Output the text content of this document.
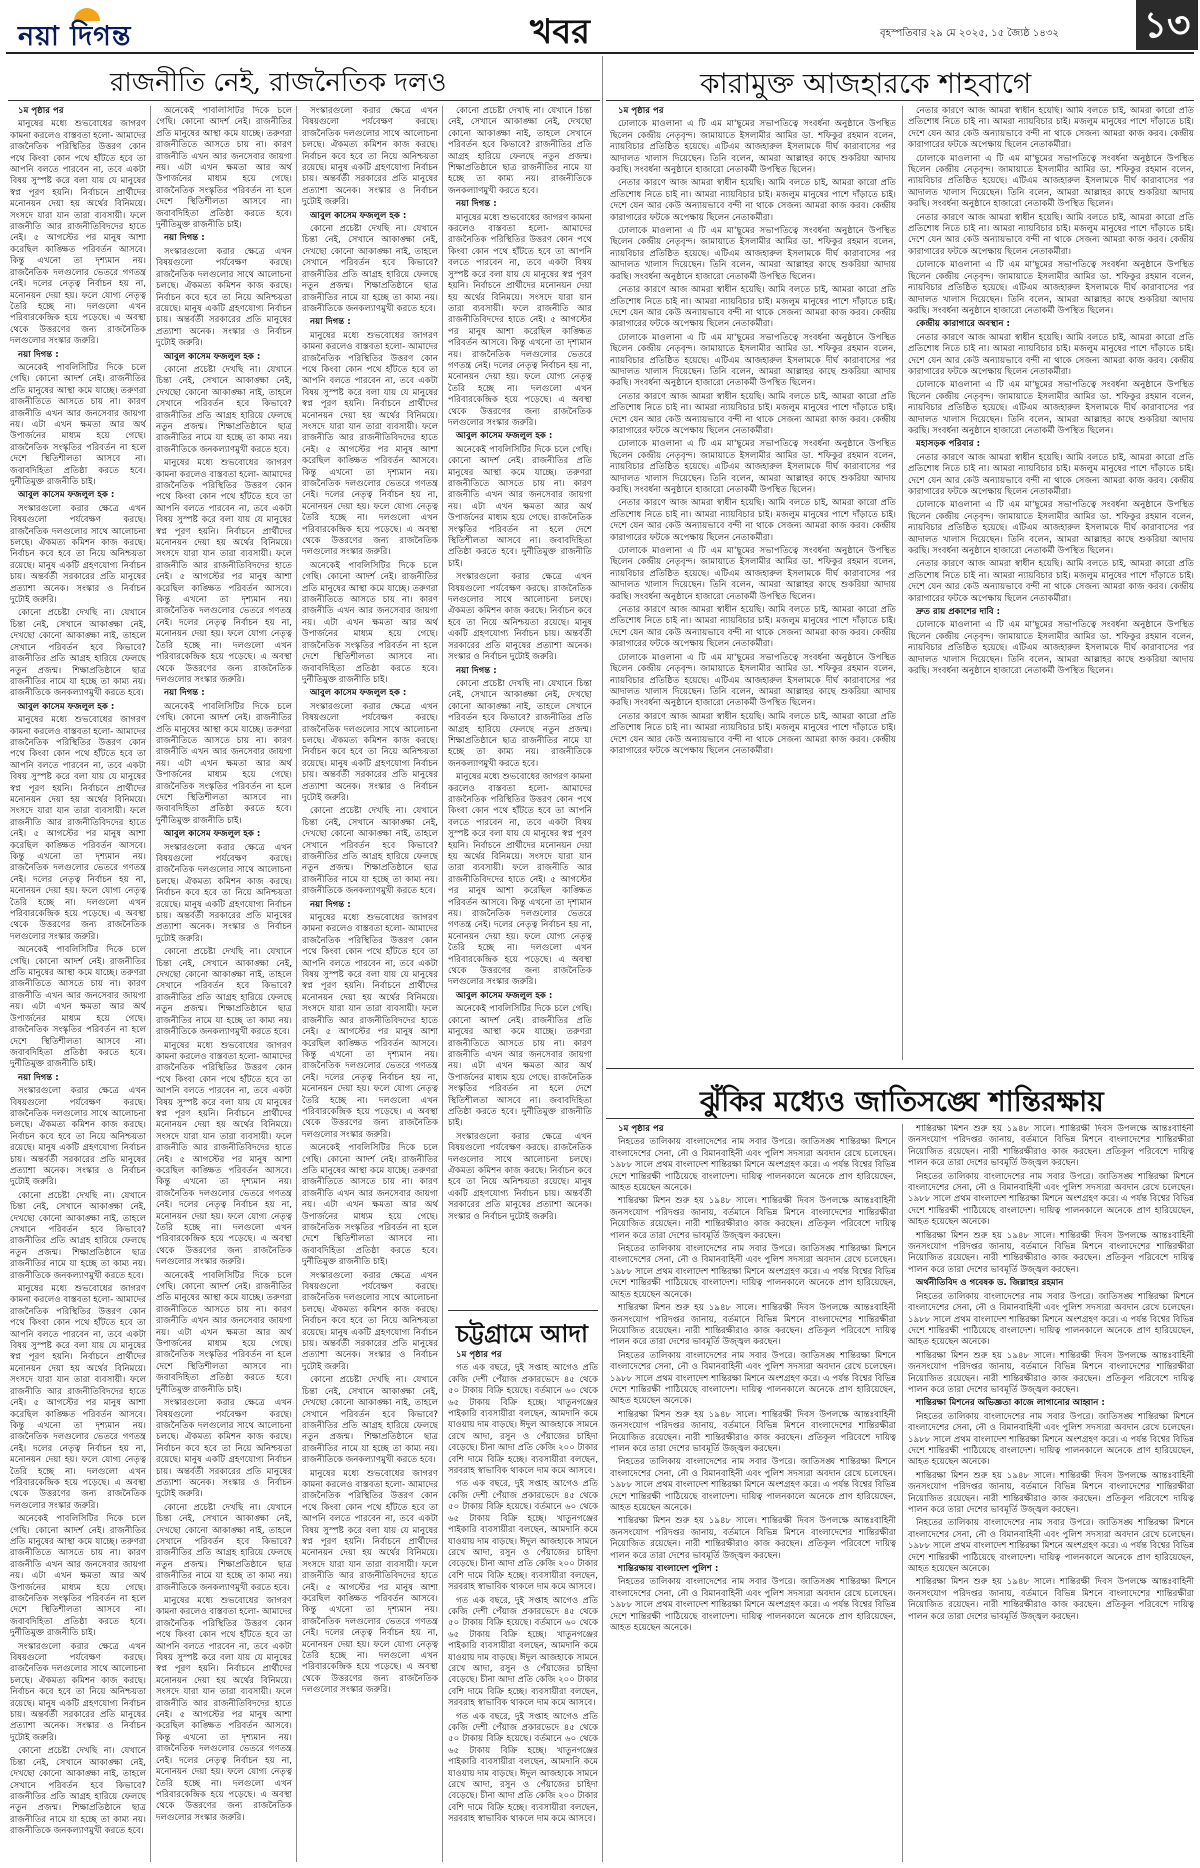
নয়া দিগন্ত	খবর	বৃহস্পতিবার ২৯ মে ২০২৫, ১৫ জ্যৈষ্ঠ ১৪৩২ ১৩
রাজনীতি নেই, রাজনৈতিক দলও

১ম পৃষ্ঠার পর

মানুষের মধ্যে শুভবোধের জাগরণ কামনা করলেও বাস্তবতা হলো- আমাদের রাজনৈতিক পরিস্থিতির উত্তরণ কোন পথে কিংবা কোন পথে হাঁটতে হবে তা আপনি বলতে পারবেন না, তবে একটা বিষয় সুস্পষ্ট করে বলা যায় যে মানুষের স্বপ্ন পূরণ হয়নি। নির্বাচনে প্রার্থীদের মনোনয়ন দেয়া হয় অর্থের বিনিময়ে। সংসদে যারা যান তারা ব্যবসায়ী। ফলে রাজনীতি আর রাজনীতিবিদদের হাতে নেই। ৫ আগস্টের পর মানুষ আশা করেছিল কাঙ্ক্ষিত পরিবর্তন আসবে। কিন্তু এখনো তা দৃশ্যমান নয়। রাজনৈতিক দলগুলোর ভেতরে গণতন্ত্র নেই। দলের নেতৃত্ব নির্বাচন হয় না, মনোনয়ন দেয়া হয়। ফলে যোগ্য নেতৃত্ব তৈরি হচ্ছে না। দলগুলো এখন পরিবারকেন্দ্রিক হয়ে পড়েছে। এ অবস্থা থেকে উত্তরণের জন্য রাজনৈতিক দলগুলোর সংস্কার জরুরি।

নয়া দিগন্ত :

অনেকেই পাবলিসিটির দিকে চলে গেছি। কোনো আদর্শ নেই। রাজনীতির প্রতি মানুষের আস্থা কমে যাচ্ছে। তরুণরা রাজনীতিতে আসতে চায় না। কারণ রাজনীতি এখন আর জনসেবার জায়গা নয়। এটা এখন ক্ষমতা আর অর্থ উপার্জনের মাধ্যম হয়ে গেছে। রাজনৈতিক সংস্কৃতির পরিবর্তন না হলে দেশে স্থিতিশীলতা আসবে না। জবাবদিহিতা প্রতিষ্ঠা করতে হবে। দুর্নীতিমুক্ত রাজনীতি চাই।

আবুল কাসেম ফজলুল হক :

সংস্কারগুলো করার ক্ষেত্রে এখন বিষয়গুলো পর্যবেক্ষণ করছে। রাজনৈতিক দলগুলোর সাথে আলোচনা চলছে। ঐকমত্য কমিশন কাজ করছে। নির্বাচন কবে হবে তা নিয়ে অনিশ্চয়তা রয়েছে। মানুষ একটি গ্রহণযোগ্য নির্বাচন চায়। অন্তর্বর্তী সরকারের প্রতি মানুষের প্রত্যাশা অনেক। সংস্কার ও নির্বাচন দুটোই জরুরি।

কোনো প্রচেষ্টা দেখছি না। যেখানে চিন্তা নেই, সেখানে আকাঙ্ক্ষা নেই, দেখছো কোনো আকাঙ্ক্ষা নাই, তাহলে সেখানে পরিবর্তন হবে কিভাবে? রাজনীতির প্রতি আগ্রহ হারিয়ে ফেলছে নতুন প্রজন্ম। শিক্ষাপ্রতিষ্ঠানে ছাত্র রাজনীতির নামে যা হচ্ছে তা কাম্য নয়। রাজনীতিকে জনকল্যাণমুখী করতে হবে।

আবুল কাসেম ফজলুল হক :

মানুষের মধ্যে শুভবোধের জাগরণ কামনা করলেও বাস্তবতা হলো- আমাদের রাজনৈতিক পরিস্থিতির উত্তরণ কোন পথে কিংবা কোন পথে হাঁটতে হবে তা আপনি বলতে পারবেন না, তবে একটা বিষয় সুস্পষ্ট করে বলা যায় যে মানুষের স্বপ্ন পূরণ হয়নি। নির্বাচনে প্রার্থীদের মনোনয়ন দেয়া হয় অর্থের বিনিময়ে। সংসদে যারা যান তারা ব্যবসায়ী। ফলে রাজনীতি আর রাজনীতিবিদদের হাতে নেই। ৫ আগস্টের পর মানুষ আশা করেছিল কাঙ্ক্ষিত পরিবর্তন আসবে। কিন্তু এখনো তা দৃশ্যমান নয়। রাজনৈতিক দলগুলোর ভেতরে গণতন্ত্র নেই। দলের নেতৃত্ব নির্বাচন হয় না, মনোনয়ন দেয়া হয়। ফলে যোগ্য নেতৃত্ব তৈরি হচ্ছে না। দলগুলো এখন পরিবারকেন্দ্রিক হয়ে পড়েছে। এ অবস্থা থেকে উত্তরণের জন্য রাজনৈতিক দলগুলোর সংস্কার জরুরি।

অনেকেই পাবলিসিটির দিকে চলে গেছি। কোনো আদর্শ নেই। রাজনীতির প্রতি মানুষের আস্থা কমে যাচ্ছে। তরুণরা রাজনীতিতে আসতে চায় না। কারণ রাজনীতি এখন আর জনসেবার জায়গা নয়। এটা এখন ক্ষমতা আর অর্থ উপার্জনের মাধ্যম হয়ে গেছে। রাজনৈতিক সংস্কৃতির পরিবর্তন না হলে দেশে স্থিতিশীলতা আসবে না। জবাবদিহিতা প্রতিষ্ঠা করতে হবে। দুর্নীতিমুক্ত রাজনীতি চাই।

নয়া দিগন্ত :

সংস্কারগুলো করার ক্ষেত্রে এখন বিষয়গুলো পর্যবেক্ষণ করছে। রাজনৈতিক দলগুলোর সাথে আলোচনা চলছে। ঐকমত্য কমিশন কাজ করছে। নির্বাচন কবে হবে তা নিয়ে অনিশ্চয়তা রয়েছে। মানুষ একটি গ্রহণযোগ্য নির্বাচন চায়। অন্তর্বর্তী সরকারের প্রতি মানুষের প্রত্যাশা অনেক। সংস্কার ও নির্বাচন দুটোই জরুরি।

কোনো প্রচেষ্টা দেখছি না। যেখানে চিন্তা নেই, সেখানে আকাঙ্ক্ষা নেই, দেখছো কোনো আকাঙ্ক্ষা নাই, তাহলে সেখানে পরিবর্তন হবে কিভাবে? রাজনীতির প্রতি আগ্রহ হারিয়ে ফেলছে নতুন প্রজন্ম। শিক্ষাপ্রতিষ্ঠানে ছাত্র রাজনীতির নামে যা হচ্ছে তা কাম্য নয়। রাজনীতিকে জনকল্যাণমুখী করতে হবে।

মানুষের মধ্যে শুভবোধের জাগরণ কামনা করলেও বাস্তবতা হলো- আমাদের রাজনৈতিক পরিস্থিতির উত্তরণ কোন পথে কিংবা কোন পথে হাঁটতে হবে তা আপনি বলতে পারবেন না, তবে একটা বিষয় সুস্পষ্ট করে বলা যায় যে মানুষের স্বপ্ন পূরণ হয়নি। নির্বাচনে প্রার্থীদের মনোনয়ন দেয়া হয় অর্থের বিনিময়ে। সংসদে যারা যান তারা ব্যবসায়ী। ফলে রাজনীতি আর রাজনীতিবিদদের হাতে নেই। ৫ আগস্টের পর মানুষ আশা করেছিল কাঙ্ক্ষিত পরিবর্তন আসবে। কিন্তু এখনো তা দৃশ্যমান নয়। রাজনৈতিক দলগুলোর ভেতরে গণতন্ত্র নেই। দলের নেতৃত্ব নির্বাচন হয় না, মনোনয়ন দেয়া হয়। ফলে যোগ্য নেতৃত্ব তৈরি হচ্ছে না। দলগুলো এখন পরিবারকেন্দ্রিক হয়ে পড়েছে। এ অবস্থা থেকে উত্তরণের জন্য রাজনৈতিক দলগুলোর সংস্কার জরুরি।

অনেকেই পাবলিসিটির দিকে চলে গেছি। কোনো আদর্শ নেই। রাজনীতির প্রতি মানুষের আস্থা কমে যাচ্ছে। তরুণরা রাজনীতিতে আসতে চায় না। কারণ রাজনীতি এখন আর জনসেবার জায়গা নয়। এটা এখন ক্ষমতা আর অর্থ উপার্জনের মাধ্যম হয়ে গেছে। রাজনৈতিক সংস্কৃতির পরিবর্তন না হলে দেশে স্থিতিশীলতা আসবে না। জবাবদিহিতা প্রতিষ্ঠা করতে হবে। দুর্নীতিমুক্ত রাজনীতি চাই।

সংস্কারগুলো করার ক্ষেত্রে এখন বিষয়গুলো পর্যবেক্ষণ করছে। রাজনৈতিক দলগুলোর সাথে আলোচনা চলছে। ঐকমত্য কমিশন কাজ করছে। নির্বাচন কবে হবে তা নিয়ে অনিশ্চয়তা রয়েছে। মানুষ একটি গ্রহণযোগ্য নির্বাচন চায়। অন্তর্বর্তী সরকারের প্রতি মানুষের প্রত্যাশা অনেক। সংস্কার ও নির্বাচন দুটোই জরুরি।

কোনো প্রচেষ্টা দেখছি না। যেখানে চিন্তা নেই, সেখানে আকাঙ্ক্ষা নেই, দেখছো কোনো আকাঙ্ক্ষা নাই, তাহলে সেখানে পরিবর্তন হবে কিভাবে? রাজনীতির প্রতি আগ্রহ হারিয়ে ফেলছে নতুন প্রজন্ম। শিক্ষাপ্রতিষ্ঠানে ছাত্র রাজনীতির নামে যা হচ্ছে তা কাম্য নয়। রাজনীতিকে জনকল্যাণমুখী করতে হবে।

অনেকেই পাবলিসিটির দিকে চলে গেছি। কোনো আদর্শ নেই। রাজনীতির প্রতি মানুষের আস্থা কমে যাচ্ছে। তরুণরা রাজনীতিতে আসতে চায় না। কারণ রাজনীতি এখন আর জনসেবার জায়গা নয়। এটা এখন ক্ষমতা আর অর্থ উপার্জনের মাধ্যম হয়ে গেছে। রাজনৈতিক সংস্কৃতির পরিবর্তন না হলে দেশে স্থিতিশীলতা আসবে না। জবাবদিহিতা প্রতিষ্ঠা করতে হবে। দুর্নীতিমুক্ত রাজনীতি চাই।

নয়া দিগন্ত :

সংস্কারগুলো করার ক্ষেত্রে এখন বিষয়গুলো পর্যবেক্ষণ করছে। রাজনৈতিক দলগুলোর সাথে আলোচনা চলছে। ঐকমত্য কমিশন কাজ করছে। নির্বাচন কবে হবে তা নিয়ে অনিশ্চয়তা রয়েছে। মানুষ একটি গ্রহণযোগ্য নির্বাচন চায়। অন্তর্বর্তী সরকারের প্রতি মানুষের প্রত্যাশা অনেক। সংস্কার ও নির্বাচন দুটোই জরুরি।

আবুল কাসেম ফজলুল হক :

কোনো প্রচেষ্টা দেখছি না। যেখানে চিন্তা নেই, সেখানে আকাঙ্ক্ষা নেই, দেখছো কোনো আকাঙ্ক্ষা নাই, তাহলে সেখানে পরিবর্তন হবে কিভাবে? রাজনীতির প্রতি আগ্রহ হারিয়ে ফেলছে নতুন প্রজন্ম। শিক্ষাপ্রতিষ্ঠানে ছাত্র রাজনীতির নামে যা হচ্ছে তা কাম্য নয়। রাজনীতিকে জনকল্যাণমুখী করতে হবে।

মানুষের মধ্যে শুভবোধের জাগরণ কামনা করলেও বাস্তবতা হলো- আমাদের রাজনৈতিক পরিস্থিতির উত্তরণ কোন পথে কিংবা কোন পথে হাঁটতে হবে তা আপনি বলতে পারবেন না, তবে একটা বিষয় সুস্পষ্ট করে বলা যায় যে মানুষের স্বপ্ন পূরণ হয়নি। নির্বাচনে প্রার্থীদের মনোনয়ন দেয়া হয় অর্থের বিনিময়ে। সংসদে যারা যান তারা ব্যবসায়ী। ফলে রাজনীতি আর রাজনীতিবিদদের হাতে নেই। ৫ আগস্টের পর মানুষ আশা করেছিল কাঙ্ক্ষিত পরিবর্তন আসবে। কিন্তু এখনো তা দৃশ্যমান নয়। রাজনৈতিক দলগুলোর ভেতরে গণতন্ত্র নেই। দলের নেতৃত্ব নির্বাচন হয় না, মনোনয়ন দেয়া হয়। ফলে যোগ্য নেতৃত্ব তৈরি হচ্ছে না। দলগুলো এখন পরিবারকেন্দ্রিক হয়ে পড়েছে। এ অবস্থা থেকে উত্তরণের জন্য রাজনৈতিক দলগুলোর সংস্কার জরুরি।

নয়া দিগন্ত :

অনেকেই পাবলিসিটির দিকে চলে গেছি। কোনো আদর্শ নেই। রাজনীতির প্রতি মানুষের আস্থা কমে যাচ্ছে। তরুণরা রাজনীতিতে আসতে চায় না। কারণ রাজনীতি এখন আর জনসেবার জায়গা নয়। এটা এখন ক্ষমতা আর অর্থ উপার্জনের মাধ্যম হয়ে গেছে। রাজনৈতিক সংস্কৃতির পরিবর্তন না হলে দেশে স্থিতিশীলতা আসবে না। জবাবদিহিতা প্রতিষ্ঠা করতে হবে। দুর্নীতিমুক্ত রাজনীতি চাই।

আবুল কাসেম ফজলুল হক :

সংস্কারগুলো করার ক্ষেত্রে এখন বিষয়গুলো পর্যবেক্ষণ করছে। রাজনৈতিক দলগুলোর সাথে আলোচনা চলছে। ঐকমত্য কমিশন কাজ করছে। নির্বাচন কবে হবে তা নিয়ে অনিশ্চয়তা রয়েছে। মানুষ একটি গ্রহণযোগ্য নির্বাচন চায়। অন্তর্বর্তী সরকারের প্রতি মানুষের প্রত্যাশা অনেক। সংস্কার ও নির্বাচন দুটোই জরুরি।

কোনো প্রচেষ্টা দেখছি না। যেখানে চিন্তা নেই, সেখানে আকাঙ্ক্ষা নেই, দেখছো কোনো আকাঙ্ক্ষা নাই, তাহলে সেখানে পরিবর্তন হবে কিভাবে? রাজনীতির প্রতি আগ্রহ হারিয়ে ফেলছে নতুন প্রজন্ম। শিক্ষাপ্রতিষ্ঠানে ছাত্র রাজনীতির নামে যা হচ্ছে তা কাম্য নয়। রাজনীতিকে জনকল্যাণমুখী করতে হবে।

মানুষের মধ্যে শুভবোধের জাগরণ কামনা করলেও বাস্তবতা হলো- আমাদের রাজনৈতিক পরিস্থিতির উত্তরণ কোন পথে কিংবা কোন পথে হাঁটতে হবে তা আপনি বলতে পারবেন না, তবে একটা বিষয় সুস্পষ্ট করে বলা যায় যে মানুষের স্বপ্ন পূরণ হয়নি। নির্বাচনে প্রার্থীদের মনোনয়ন দেয়া হয় অর্থের বিনিময়ে। সংসদে যারা যান তারা ব্যবসায়ী। ফলে রাজনীতি আর রাজনীতিবিদদের হাতে নেই। ৫ আগস্টের পর মানুষ আশা করেছিল কাঙ্ক্ষিত পরিবর্তন আসবে। কিন্তু এখনো তা দৃশ্যমান নয়। রাজনৈতিক দলগুলোর ভেতরে গণতন্ত্র নেই। দলের নেতৃত্ব নির্বাচন হয় না, মনোনয়ন দেয়া হয়। ফলে যোগ্য নেতৃত্ব তৈরি হচ্ছে না। দলগুলো এখন পরিবারকেন্দ্রিক হয়ে পড়েছে। এ অবস্থা থেকে উত্তরণের জন্য রাজনৈতিক দলগুলোর সংস্কার জরুরি।

অনেকেই পাবলিসিটির দিকে চলে গেছি। কোনো আদর্শ নেই। রাজনীতির প্রতি মানুষের আস্থা কমে যাচ্ছে। তরুণরা রাজনীতিতে আসতে চায় না। কারণ রাজনীতি এখন আর জনসেবার জায়গা নয়। এটা এখন ক্ষমতা আর অর্থ উপার্জনের মাধ্যম হয়ে গেছে। রাজনৈতিক সংস্কৃতির পরিবর্তন না হলে দেশে স্থিতিশীলতা আসবে না। জবাবদিহিতা প্রতিষ্ঠা করতে হবে। দুর্নীতিমুক্ত রাজনীতি চাই।

সংস্কারগুলো করার ক্ষেত্রে এখন বিষয়গুলো পর্যবেক্ষণ করছে। রাজনৈতিক দলগুলোর সাথে আলোচনা চলছে। ঐকমত্য কমিশন কাজ করছে। নির্বাচন কবে হবে তা নিয়ে অনিশ্চয়তা রয়েছে। মানুষ একটি গ্রহণযোগ্য নির্বাচন চায়। অন্তর্বর্তী সরকারের প্রতি মানুষের প্রত্যাশা অনেক। সংস্কার ও নির্বাচন দুটোই জরুরি।

কোনো প্রচেষ্টা দেখছি না। যেখানে চিন্তা নেই, সেখানে আকাঙ্ক্ষা নেই, দেখছো কোনো আকাঙ্ক্ষা নাই, তাহলে সেখানে পরিবর্তন হবে কিভাবে? রাজনীতির প্রতি আগ্রহ হারিয়ে ফেলছে নতুন প্রজন্ম। শিক্ষাপ্রতিষ্ঠানে ছাত্র রাজনীতির নামে যা হচ্ছে তা কাম্য নয়। রাজনীতিকে জনকল্যাণমুখী করতে হবে।

মানুষের মধ্যে শুভবোধের জাগরণ কামনা করলেও বাস্তবতা হলো- আমাদের রাজনৈতিক পরিস্থিতির উত্তরণ কোন পথে কিংবা কোন পথে হাঁটতে হবে তা আপনি বলতে পারবেন না, তবে একটা বিষয় সুস্পষ্ট করে বলা যায় যে মানুষের স্বপ্ন পূরণ হয়নি। নির্বাচনে প্রার্থীদের মনোনয়ন দেয়া হয় অর্থের বিনিময়ে। সংসদে যারা যান তারা ব্যবসায়ী। ফলে রাজনীতি আর রাজনীতিবিদদের হাতে নেই। ৫ আগস্টের পর মানুষ আশা করেছিল কাঙ্ক্ষিত পরিবর্তন আসবে। কিন্তু এখনো তা দৃশ্যমান নয়। রাজনৈতিক দলগুলোর ভেতরে গণতন্ত্র নেই। দলের নেতৃত্ব নির্বাচন হয় না, মনোনয়ন দেয়া হয়। ফলে যোগ্য নেতৃত্ব তৈরি হচ্ছে না। দলগুলো এখন পরিবারকেন্দ্রিক হয়ে পড়েছে। এ অবস্থা থেকে উত্তরণের জন্য রাজনৈতিক দলগুলোর সংস্কার জরুরি।

সংস্কারগুলো করার ক্ষেত্রে এখন বিষয়গুলো পর্যবেক্ষণ করছে। রাজনৈতিক দলগুলোর সাথে আলোচনা চলছে। ঐকমত্য কমিশন কাজ করছে। নির্বাচন কবে হবে তা নিয়ে অনিশ্চয়তা রয়েছে। মানুষ একটি গ্রহণযোগ্য নির্বাচন চায়। অন্তর্বর্তী সরকারের প্রতি মানুষের প্রত্যাশা অনেক। সংস্কার ও নির্বাচন দুটোই জরুরি।

আবুল কাসেম ফজলুল হক :

কোনো প্রচেষ্টা দেখছি না। যেখানে চিন্তা নেই, সেখানে আকাঙ্ক্ষা নেই, দেখছো কোনো আকাঙ্ক্ষা নাই, তাহলে সেখানে পরিবর্তন হবে কিভাবে? রাজনীতির প্রতি আগ্রহ হারিয়ে ফেলছে নতুন প্রজন্ম। শিক্ষাপ্রতিষ্ঠানে ছাত্র রাজনীতির নামে যা হচ্ছে তা কাম্য নয়। রাজনীতিকে জনকল্যাণমুখী করতে হবে।

নয়া দিগন্ত :

মানুষের মধ্যে শুভবোধের জাগরণ কামনা করলেও বাস্তবতা হলো- আমাদের রাজনৈতিক পরিস্থিতির উত্তরণ কোন পথে কিংবা কোন পথে হাঁটতে হবে তা আপনি বলতে পারবেন না, তবে একটা বিষয় সুস্পষ্ট করে বলা যায় যে মানুষের স্বপ্ন পূরণ হয়নি। নির্বাচনে প্রার্থীদের মনোনয়ন দেয়া হয় অর্থের বিনিময়ে। সংসদে যারা যান তারা ব্যবসায়ী। ফলে রাজনীতি আর রাজনীতিবিদদের হাতে নেই। ৫ আগস্টের পর মানুষ আশা করেছিল কাঙ্ক্ষিত পরিবর্তন আসবে। কিন্তু এখনো তা দৃশ্যমান নয়। রাজনৈতিক দলগুলোর ভেতরে গণতন্ত্র নেই। দলের নেতৃত্ব নির্বাচন হয় না, মনোনয়ন দেয়া হয়। ফলে যোগ্য নেতৃত্ব তৈরি হচ্ছে না। দলগুলো এখন পরিবারকেন্দ্রিক হয়ে পড়েছে। এ অবস্থা থেকে উত্তরণের জন্য রাজনৈতিক দলগুলোর সংস্কার জরুরি।

অনেকেই পাবলিসিটির দিকে চলে গেছি। কোনো আদর্শ নেই। রাজনীতির প্রতি মানুষের আস্থা কমে যাচ্ছে। তরুণরা রাজনীতিতে আসতে চায় না। কারণ রাজনীতি এখন আর জনসেবার জায়গা নয়। এটা এখন ক্ষমতা আর অর্থ উপার্জনের মাধ্যম হয়ে গেছে। রাজনৈতিক সংস্কৃতির পরিবর্তন না হলে দেশে স্থিতিশীলতা আসবে না। জবাবদিহিতা প্রতিষ্ঠা করতে হবে। দুর্নীতিমুক্ত রাজনীতি চাই।

আবুল কাসেম ফজলুল হক :

সংস্কারগুলো করার ক্ষেত্রে এখন বিষয়গুলো পর্যবেক্ষণ করছে। রাজনৈতিক দলগুলোর সাথে আলোচনা চলছে। ঐকমত্য কমিশন কাজ করছে। নির্বাচন কবে হবে তা নিয়ে অনিশ্চয়তা রয়েছে। মানুষ একটি গ্রহণযোগ্য নির্বাচন চায়। অন্তর্বর্তী সরকারের প্রতি মানুষের প্রত্যাশা অনেক। সংস্কার ও নির্বাচন দুটোই জরুরি।

কোনো প্রচেষ্টা দেখছি না। যেখানে চিন্তা নেই, সেখানে আকাঙ্ক্ষা নেই, দেখছো কোনো আকাঙ্ক্ষা নাই, তাহলে সেখানে পরিবর্তন হবে কিভাবে? রাজনীতির প্রতি আগ্রহ হারিয়ে ফেলছে নতুন প্রজন্ম। শিক্ষাপ্রতিষ্ঠানে ছাত্র রাজনীতির নামে যা হচ্ছে তা কাম্য নয়। রাজনীতিকে জনকল্যাণমুখী করতে হবে।

নয়া দিগন্ত :

মানুষের মধ্যে শুভবোধের জাগরণ কামনা করলেও বাস্তবতা হলো- আমাদের রাজনৈতিক পরিস্থিতির উত্তরণ কোন পথে কিংবা কোন পথে হাঁটতে হবে তা আপনি বলতে পারবেন না, তবে একটা বিষয় সুস্পষ্ট করে বলা যায় যে মানুষের স্বপ্ন পূরণ হয়নি। নির্বাচনে প্রার্থীদের মনোনয়ন দেয়া হয় অর্থের বিনিময়ে। সংসদে যারা যান তারা ব্যবসায়ী। ফলে রাজনীতি আর রাজনীতিবিদদের হাতে নেই। ৫ আগস্টের পর মানুষ আশা করেছিল কাঙ্ক্ষিত পরিবর্তন আসবে। কিন্তু এখনো তা দৃশ্যমান নয়। রাজনৈতিক দলগুলোর ভেতরে গণতন্ত্র নেই। দলের নেতৃত্ব নির্বাচন হয় না, মনোনয়ন দেয়া হয়। ফলে যোগ্য নেতৃত্ব তৈরি হচ্ছে না। দলগুলো এখন পরিবারকেন্দ্রিক হয়ে পড়েছে। এ অবস্থা থেকে উত্তরণের জন্য রাজনৈতিক দলগুলোর সংস্কার জরুরি।

অনেকেই পাবলিসিটির দিকে চলে গেছি। কোনো আদর্শ নেই। রাজনীতির প্রতি মানুষের আস্থা কমে যাচ্ছে। তরুণরা রাজনীতিতে আসতে চায় না। কারণ রাজনীতি এখন আর জনসেবার জায়গা নয়। এটা এখন ক্ষমতা আর অর্থ উপার্জনের মাধ্যম হয়ে গেছে। রাজনৈতিক সংস্কৃতির পরিবর্তন না হলে দেশে স্থিতিশীলতা আসবে না। জবাবদিহিতা প্রতিষ্ঠা করতে হবে। দুর্নীতিমুক্ত রাজনীতি চাই।

সংস্কারগুলো করার ক্ষেত্রে এখন বিষয়গুলো পর্যবেক্ষণ করছে। রাজনৈতিক দলগুলোর সাথে আলোচনা চলছে। ঐকমত্য কমিশন কাজ করছে। নির্বাচন কবে হবে তা নিয়ে অনিশ্চয়তা রয়েছে। মানুষ একটি গ্রহণযোগ্য নির্বাচন চায়। অন্তর্বর্তী সরকারের প্রতি মানুষের প্রত্যাশা অনেক। সংস্কার ও নির্বাচন দুটোই জরুরি।

কোনো প্রচেষ্টা দেখছি না। যেখানে চিন্তা নেই, সেখানে আকাঙ্ক্ষা নেই, দেখছো কোনো আকাঙ্ক্ষা নাই, তাহলে সেখানে পরিবর্তন হবে কিভাবে? রাজনীতির প্রতি আগ্রহ হারিয়ে ফেলছে নতুন প্রজন্ম। শিক্ষাপ্রতিষ্ঠানে ছাত্র রাজনীতির নামে যা হচ্ছে তা কাম্য নয়। রাজনীতিকে জনকল্যাণমুখী করতে হবে।

মানুষের মধ্যে শুভবোধের জাগরণ কামনা করলেও বাস্তবতা হলো- আমাদের রাজনৈতিক পরিস্থিতির উত্তরণ কোন পথে কিংবা কোন পথে হাঁটতে হবে তা আপনি বলতে পারবেন না, তবে একটা বিষয় সুস্পষ্ট করে বলা যায় যে মানুষের স্বপ্ন পূরণ হয়নি। নির্বাচনে প্রার্থীদের মনোনয়ন দেয়া হয় অর্থের বিনিময়ে। সংসদে যারা যান তারা ব্যবসায়ী। ফলে রাজনীতি আর রাজনীতিবিদদের হাতে নেই। ৫ আগস্টের পর মানুষ আশা করেছিল কাঙ্ক্ষিত পরিবর্তন আসবে। কিন্তু এখনো তা দৃশ্যমান নয়। রাজনৈতিক দলগুলোর ভেতরে গণতন্ত্র নেই। দলের নেতৃত্ব নির্বাচন হয় না, মনোনয়ন দেয়া হয়। ফলে যোগ্য নেতৃত্ব তৈরি হচ্ছে না। দলগুলো এখন পরিবারকেন্দ্রিক হয়ে পড়েছে। এ অবস্থা থেকে উত্তরণের জন্য রাজনৈতিক দলগুলোর সংস্কার জরুরি।

কোনো প্রচেষ্টা দেখছি না। যেখানে চিন্তা নেই, সেখানে আকাঙ্ক্ষা নেই, দেখছো কোনো আকাঙ্ক্ষা নাই, তাহলে সেখানে পরিবর্তন হবে কিভাবে? রাজনীতির প্রতি আগ্রহ হারিয়ে ফেলছে নতুন প্রজন্ম। শিক্ষাপ্রতিষ্ঠানে ছাত্র রাজনীতির নামে যা হচ্ছে তা কাম্য নয়। রাজনীতিকে জনকল্যাণমুখী করতে হবে।

নয়া দিগন্ত :

মানুষের মধ্যে শুভবোধের জাগরণ কামনা করলেও বাস্তবতা হলো- আমাদের রাজনৈতিক পরিস্থিতির উত্তরণ কোন পথে কিংবা কোন পথে হাঁটতে হবে তা আপনি বলতে পারবেন না, তবে একটা বিষয় সুস্পষ্ট করে বলা যায় যে মানুষের স্বপ্ন পূরণ হয়নি। নির্বাচনে প্রার্থীদের মনোনয়ন দেয়া হয় অর্থের বিনিময়ে। সংসদে যারা যান তারা ব্যবসায়ী। ফলে রাজনীতি আর রাজনীতিবিদদের হাতে নেই। ৫ আগস্টের পর মানুষ আশা করেছিল কাঙ্ক্ষিত পরিবর্তন আসবে। কিন্তু এখনো তা দৃশ্যমান নয়। রাজনৈতিক দলগুলোর ভেতরে গণতন্ত্র নেই। দলের নেতৃত্ব নির্বাচন হয় না, মনোনয়ন দেয়া হয়। ফলে যোগ্য নেতৃত্ব তৈরি হচ্ছে না। দলগুলো এখন পরিবারকেন্দ্রিক হয়ে পড়েছে। এ অবস্থা থেকে উত্তরণের জন্য রাজনৈতিক দলগুলোর সংস্কার জরুরি।

আবুল কাসেম ফজলুল হক :

অনেকেই পাবলিসিটির দিকে চলে গেছি। কোনো আদর্শ নেই। রাজনীতির প্রতি মানুষের আস্থা কমে যাচ্ছে। তরুণরা রাজনীতিতে আসতে চায় না। কারণ রাজনীতি এখন আর জনসেবার জায়গা নয়। এটা এখন ক্ষমতা আর অর্থ উপার্জনের মাধ্যম হয়ে গেছে। রাজনৈতিক সংস্কৃতির পরিবর্তন না হলে দেশে স্থিতিশীলতা আসবে না। জবাবদিহিতা প্রতিষ্ঠা করতে হবে। দুর্নীতিমুক্ত রাজনীতি চাই।

সংস্কারগুলো করার ক্ষেত্রে এখন বিষয়গুলো পর্যবেক্ষণ করছে। রাজনৈতিক দলগুলোর সাথে আলোচনা চলছে। ঐকমত্য কমিশন কাজ করছে। নির্বাচন কবে হবে তা নিয়ে অনিশ্চয়তা রয়েছে। মানুষ একটি গ্রহণযোগ্য নির্বাচন চায়। অন্তর্বর্তী সরকারের প্রতি মানুষের প্রত্যাশা অনেক। সংস্কার ও নির্বাচন দুটোই জরুরি।

নয়া দিগন্ত :

কোনো প্রচেষ্টা দেখছি না। যেখানে চিন্তা নেই, সেখানে আকাঙ্ক্ষা নেই, দেখছো কোনো আকাঙ্ক্ষা নাই, তাহলে সেখানে পরিবর্তন হবে কিভাবে? রাজনীতির প্রতি আগ্রহ হারিয়ে ফেলছে নতুন প্রজন্ম। শিক্ষাপ্রতিষ্ঠানে ছাত্র রাজনীতির নামে যা হচ্ছে তা কাম্য নয়। রাজনীতিকে জনকল্যাণমুখী করতে হবে।

মানুষের মধ্যে শুভবোধের জাগরণ কামনা করলেও বাস্তবতা হলো- আমাদের রাজনৈতিক পরিস্থিতির উত্তরণ কোন পথে কিংবা কোন পথে হাঁটতে হবে তা আপনি বলতে পারবেন না, তবে একটা বিষয় সুস্পষ্ট করে বলা যায় যে মানুষের স্বপ্ন পূরণ হয়নি। নির্বাচনে প্রার্থীদের মনোনয়ন দেয়া হয় অর্থের বিনিময়ে। সংসদে যারা যান তারা ব্যবসায়ী। ফলে রাজনীতি আর রাজনীতিবিদদের হাতে নেই। ৫ আগস্টের পর মানুষ আশা করেছিল কাঙ্ক্ষিত পরিবর্তন আসবে। কিন্তু এখনো তা দৃশ্যমান নয়। রাজনৈতিক দলগুলোর ভেতরে গণতন্ত্র নেই। দলের নেতৃত্ব নির্বাচন হয় না, মনোনয়ন দেয়া হয়। ফলে যোগ্য নেতৃত্ব তৈরি হচ্ছে না। দলগুলো এখন পরিবারকেন্দ্রিক হয়ে পড়েছে। এ অবস্থা থেকে উত্তরণের জন্য রাজনৈতিক দলগুলোর সংস্কার জরুরি।

আবুল কাসেম ফজলুল হক :

অনেকেই পাবলিসিটির দিকে চলে গেছি। কোনো আদর্শ নেই। রাজনীতির প্রতি মানুষের আস্থা কমে যাচ্ছে। তরুণরা রাজনীতিতে আসতে চায় না। কারণ রাজনীতি এখন আর জনসেবার জায়গা নয়। এটা এখন ক্ষমতা আর অর্থ উপার্জনের মাধ্যম হয়ে গেছে। রাজনৈতিক সংস্কৃতির পরিবর্তন না হলে দেশে স্থিতিশীলতা আসবে না। জবাবদিহিতা প্রতিষ্ঠা করতে হবে। দুর্নীতিমুক্ত রাজনীতি চাই।

সংস্কারগুলো করার ক্ষেত্রে এখন বিষয়গুলো পর্যবেক্ষণ করছে। রাজনৈতিক দলগুলোর সাথে আলোচনা চলছে। ঐকমত্য কমিশন কাজ করছে। নির্বাচন কবে হবে তা নিয়ে অনিশ্চয়তা রয়েছে। মানুষ একটি গ্রহণযোগ্য নির্বাচন চায়। অন্তর্বর্তী সরকারের প্রতি মানুষের প্রত্যাশা অনেক। সংস্কার ও নির্বাচন দুটোই জরুরি।

চট্টগ্রামে আদা

১ম পৃষ্ঠার পর

গত এক বছরে, দুই সপ্তাহ আগেও প্রতি কেজি দেশী পেঁয়াজ প্রকারভেদে ৪৫ থেকে ৫০ টাকায় বিক্রি হয়েছে। বর্তমানে ৬০ থেকে ৬৫ টাকায় বিক্রি হচ্ছে। খাতুনগঞ্জের পাইকারি ব্যবসায়ীরা বলছেন, আমদানি কমে যাওয়ায় দাম বাড়ছে। ঈদুল আজহাকে সামনে রেখে আদা, রসুন ও পেঁয়াজের চাহিদা বেড়েছে। চীনা আদা প্রতি কেজি ২০০ টাকার বেশি দামে বিক্রি হচ্ছে। ব্যবসায়ীরা বলছেন, সরবরাহ স্বাভাবিক থাকলে দাম কমে আসবে।

গত এক বছরে, দুই সপ্তাহ আগেও প্রতি কেজি দেশী পেঁয়াজ প্রকারভেদে ৪৫ থেকে ৫০ টাকায় বিক্রি হয়েছে। বর্তমানে ৬০ থেকে ৬৫ টাকায় বিক্রি হচ্ছে। খাতুনগঞ্জের পাইকারি ব্যবসায়ীরা বলছেন, আমদানি কমে যাওয়ায় দাম বাড়ছে। ঈদুল আজহাকে সামনে রেখে আদা, রসুন ও পেঁয়াজের চাহিদা বেড়েছে। চীনা আদা প্রতি কেজি ২০০ টাকার বেশি দামে বিক্রি হচ্ছে। ব্যবসায়ীরা বলছেন, সরবরাহ স্বাভাবিক থাকলে দাম কমে আসবে।

গত এক বছরে, দুই সপ্তাহ আগেও প্রতি কেজি দেশী পেঁয়াজ প্রকারভেদে ৪৫ থেকে ৫০ টাকায় বিক্রি হয়েছে। বর্তমানে ৬০ থেকে ৬৫ টাকায় বিক্রি হচ্ছে। খাতুনগঞ্জের পাইকারি ব্যবসায়ীরা বলছেন, আমদানি কমে যাওয়ায় দাম বাড়ছে। ঈদুল আজহাকে সামনে রেখে আদা, রসুন ও পেঁয়াজের চাহিদা বেড়েছে। চীনা আদা প্রতি কেজি ২০০ টাকার বেশি দামে বিক্রি হচ্ছে। ব্যবসায়ীরা বলছেন, সরবরাহ স্বাভাবিক থাকলে দাম কমে আসবে।

গত এক বছরে, দুই সপ্তাহ আগেও প্রতি কেজি দেশী পেঁয়াজ প্রকারভেদে ৪৫ থেকে ৫০ টাকায় বিক্রি হয়েছে। বর্তমানে ৬০ থেকে ৬৫ টাকায় বিক্রি হচ্ছে। খাতুনগঞ্জের পাইকারি ব্যবসায়ীরা বলছেন, আমদানি কমে যাওয়ায় দাম বাড়ছে। ঈদুল আজহাকে সামনে রেখে আদা, রসুন ও পেঁয়াজের চাহিদা বেড়েছে। চীনা আদা প্রতি কেজি ২০০ টাকার বেশি দামে বিক্রি হচ্ছে। ব্যবসায়ীরা বলছেন, সরবরাহ স্বাভাবিক থাকলে দাম কমে আসবে।

কারামুক্ত আজহারকে শাহবাগে

১ম পৃষ্ঠার পর

ঢোলাকে মাওলানা এ টি এম মা'ছুমের সভাপতিত্বে সংবর্ধনা অনুষ্ঠানে উপস্থিত ছিলেন কেন্দ্রীয় নেতৃবৃন্দ। জামায়াতে ইসলামীর আমির ডা. শফিকুর রহমান বলেন, ন্যায়বিচার প্রতিষ্ঠিত হয়েছে। এটিএম আজহারুল ইসলামকে দীর্ঘ কারাবাসের পর আদালত খালাস দিয়েছেন। তিনি বলেন, আমরা আল্লাহর কাছে শুকরিয়া আদায় করছি। সংবর্ধনা অনুষ্ঠানে হাজারো নেতাকর্মী উপস্থিত ছিলেন।

নেতার কারণে আজ আমরা স্বাধীন হয়েছি। আমি বলতে চাই, আমরা কারো প্রতি প্রতিশোধ নিতে চাই না। আমরা ন্যায়বিচার চাই। মজলুম মানুষের পাশে দাঁড়াতে চাই। দেশে যেন আর কেউ অন্যায়ভাবে বন্দী না থাকে সেজন্য আমরা কাজ করব। কেন্দ্রীয় কারাগারের ফটকে অপেক্ষায় ছিলেন নেতাকর্মীরা।

ঢোলাকে মাওলানা এ টি এম মা'ছুমের সভাপতিত্বে সংবর্ধনা অনুষ্ঠানে উপস্থিত ছিলেন কেন্দ্রীয় নেতৃবৃন্দ। জামায়াতে ইসলামীর আমির ডা. শফিকুর রহমান বলেন, ন্যায়বিচার প্রতিষ্ঠিত হয়েছে। এটিএম আজহারুল ইসলামকে দীর্ঘ কারাবাসের পর আদালত খালাস দিয়েছেন। তিনি বলেন, আমরা আল্লাহর কাছে শুকরিয়া আদায় করছি। সংবর্ধনা অনুষ্ঠানে হাজারো নেতাকর্মী উপস্থিত ছিলেন।

নেতার কারণে আজ আমরা স্বাধীন হয়েছি। আমি বলতে চাই, আমরা কারো প্রতি প্রতিশোধ নিতে চাই না। আমরা ন্যায়বিচার চাই। মজলুম মানুষের পাশে দাঁড়াতে চাই। দেশে যেন আর কেউ অন্যায়ভাবে বন্দী না থাকে সেজন্য আমরা কাজ করব। কেন্দ্রীয় কারাগারের ফটকে অপেক্ষায় ছিলেন নেতাকর্মীরা।

ঢোলাকে মাওলানা এ টি এম মা'ছুমের সভাপতিত্বে সংবর্ধনা অনুষ্ঠানে উপস্থিত ছিলেন কেন্দ্রীয় নেতৃবৃন্দ। জামায়াতে ইসলামীর আমির ডা. শফিকুর রহমান বলেন, ন্যায়বিচার প্রতিষ্ঠিত হয়েছে। এটিএম আজহারুল ইসলামকে দীর্ঘ কারাবাসের পর আদালত খালাস দিয়েছেন। তিনি বলেন, আমরা আল্লাহর কাছে শুকরিয়া আদায় করছি। সংবর্ধনা অনুষ্ঠানে হাজারো নেতাকর্মী উপস্থিত ছিলেন।

নেতার কারণে আজ আমরা স্বাধীন হয়েছি। আমি বলতে চাই, আমরা কারো প্রতি প্রতিশোধ নিতে চাই না। আমরা ন্যায়বিচার চাই। মজলুম মানুষের পাশে দাঁড়াতে চাই। দেশে যেন আর কেউ অন্যায়ভাবে বন্দী না থাকে সেজন্য আমরা কাজ করব। কেন্দ্রীয় কারাগারের ফটকে অপেক্ষায় ছিলেন নেতাকর্মীরা।

ঢোলাকে মাওলানা এ টি এম মা'ছুমের সভাপতিত্বে সংবর্ধনা অনুষ্ঠানে উপস্থিত ছিলেন কেন্দ্রীয় নেতৃবৃন্দ। জামায়াতে ইসলামীর আমির ডা. শফিকুর রহমান বলেন, ন্যায়বিচার প্রতিষ্ঠিত হয়েছে। এটিএম আজহারুল ইসলামকে দীর্ঘ কারাবাসের পর আদালত খালাস দিয়েছেন। তিনি বলেন, আমরা আল্লাহর কাছে শুকরিয়া আদায় করছি। সংবর্ধনা অনুষ্ঠানে হাজারো নেতাকর্মী উপস্থিত ছিলেন।

নেতার কারণে আজ আমরা স্বাধীন হয়েছি। আমি বলতে চাই, আমরা কারো প্রতি প্রতিশোধ নিতে চাই না। আমরা ন্যায়বিচার চাই। মজলুম মানুষের পাশে দাঁড়াতে চাই। দেশে যেন আর কেউ অন্যায়ভাবে বন্দী না থাকে সেজন্য আমরা কাজ করব। কেন্দ্রীয় কারাগারের ফটকে অপেক্ষায় ছিলেন নেতাকর্মীরা।

ঢোলাকে মাওলানা এ টি এম মা'ছুমের সভাপতিত্বে সংবর্ধনা অনুষ্ঠানে উপস্থিত ছিলেন কেন্দ্রীয় নেতৃবৃন্দ। জামায়াতে ইসলামীর আমির ডা. শফিকুর রহমান বলেন, ন্যায়বিচার প্রতিষ্ঠিত হয়েছে। এটিএম আজহারুল ইসলামকে দীর্ঘ কারাবাসের পর আদালত খালাস দিয়েছেন। তিনি বলেন, আমরা আল্লাহর কাছে শুকরিয়া আদায় করছি। সংবর্ধনা অনুষ্ঠানে হাজারো নেতাকর্মী উপস্থিত ছিলেন।

নেতার কারণে আজ আমরা স্বাধীন হয়েছি। আমি বলতে চাই, আমরা কারো প্রতি প্রতিশোধ নিতে চাই না। আমরা ন্যায়বিচার চাই। মজলুম মানুষের পাশে দাঁড়াতে চাই। দেশে যেন আর কেউ অন্যায়ভাবে বন্দী না থাকে সেজন্য আমরা কাজ করব। কেন্দ্রীয় কারাগারের ফটকে অপেক্ষায় ছিলেন নেতাকর্মীরা।

ঢোলাকে মাওলানা এ টি এম মা'ছুমের সভাপতিত্বে সংবর্ধনা অনুষ্ঠানে উপস্থিত ছিলেন কেন্দ্রীয় নেতৃবৃন্দ। জামায়াতে ইসলামীর আমির ডা. শফিকুর রহমান বলেন, ন্যায়বিচার প্রতিষ্ঠিত হয়েছে। এটিএম আজহারুল ইসলামকে দীর্ঘ কারাবাসের পর আদালত খালাস দিয়েছেন। তিনি বলেন, আমরা আল্লাহর কাছে শুকরিয়া আদায় করছি। সংবর্ধনা অনুষ্ঠানে হাজারো নেতাকর্মী উপস্থিত ছিলেন।

নেতার কারণে আজ আমরা স্বাধীন হয়েছি। আমি বলতে চাই, আমরা কারো প্রতি প্রতিশোধ নিতে চাই না। আমরা ন্যায়বিচার চাই। মজলুম মানুষের পাশে দাঁড়াতে চাই। দেশে যেন আর কেউ অন্যায়ভাবে বন্দী না থাকে সেজন্য আমরা কাজ করব। কেন্দ্রীয় কারাগারের ফটকে অপেক্ষায় ছিলেন নেতাকর্মীরা।

নেতার কারণে আজ আমরা স্বাধীন হয়েছি। আমি বলতে চাই, আমরা কারো প্রতি প্রতিশোধ নিতে চাই না। আমরা ন্যায়বিচার চাই। মজলুম মানুষের পাশে দাঁড়াতে চাই। দেশে যেন আর কেউ অন্যায়ভাবে বন্দী না থাকে সেজন্য আমরা কাজ করব। কেন্দ্রীয় কারাগারের ফটকে অপেক্ষায় ছিলেন নেতাকর্মীরা।

ঢোলাকে মাওলানা এ টি এম মা'ছুমের সভাপতিত্বে সংবর্ধনা অনুষ্ঠানে উপস্থিত ছিলেন কেন্দ্রীয় নেতৃবৃন্দ। জামায়াতে ইসলামীর আমির ডা. শফিকুর রহমান বলেন, ন্যায়বিচার প্রতিষ্ঠিত হয়েছে। এটিএম আজহারুল ইসলামকে দীর্ঘ কারাবাসের পর আদালত খালাস দিয়েছেন। তিনি বলেন, আমরা আল্লাহর কাছে শুকরিয়া আদায় করছি। সংবর্ধনা অনুষ্ঠানে হাজারো নেতাকর্মী উপস্থিত ছিলেন।

নেতার কারণে আজ আমরা স্বাধীন হয়েছি। আমি বলতে চাই, আমরা কারো প্রতি প্রতিশোধ নিতে চাই না। আমরা ন্যায়বিচার চাই। মজলুম মানুষের পাশে দাঁড়াতে চাই। দেশে যেন আর কেউ অন্যায়ভাবে বন্দী না থাকে সেজন্য আমরা কাজ করব। কেন্দ্রীয় কারাগারের ফটকে অপেক্ষায় ছিলেন নেতাকর্মীরা।

ঢোলাকে মাওলানা এ টি এম মা'ছুমের সভাপতিত্বে সংবর্ধনা অনুষ্ঠানে উপস্থিত ছিলেন কেন্দ্রীয় নেতৃবৃন্দ। জামায়াতে ইসলামীর আমির ডা. শফিকুর রহমান বলেন, ন্যায়বিচার প্রতিষ্ঠিত হয়েছে। এটিএম আজহারুল ইসলামকে দীর্ঘ কারাবাসের পর আদালত খালাস দিয়েছেন। তিনি বলেন, আমরা আল্লাহর কাছে শুকরিয়া আদায় করছি। সংবর্ধনা অনুষ্ঠানে হাজারো নেতাকর্মী উপস্থিত ছিলেন।

কেন্দ্রীয় কারাগারে অবস্থান :

নেতার কারণে আজ আমরা স্বাধীন হয়েছি। আমি বলতে চাই, আমরা কারো প্রতি প্রতিশোধ নিতে চাই না। আমরা ন্যায়বিচার চাই। মজলুম মানুষের পাশে দাঁড়াতে চাই। দেশে যেন আর কেউ অন্যায়ভাবে বন্দী না থাকে সেজন্য আমরা কাজ করব। কেন্দ্রীয় কারাগারের ফটকে অপেক্ষায় ছিলেন নেতাকর্মীরা।

ঢোলাকে মাওলানা এ টি এম মা'ছুমের সভাপতিত্বে সংবর্ধনা অনুষ্ঠানে উপস্থিত ছিলেন কেন্দ্রীয় নেতৃবৃন্দ। জামায়াতে ইসলামীর আমির ডা. শফিকুর রহমান বলেন, ন্যায়বিচার প্রতিষ্ঠিত হয়েছে। এটিএম আজহারুল ইসলামকে দীর্ঘ কারাবাসের পর আদালত খালাস দিয়েছেন। তিনি বলেন, আমরা আল্লাহর কাছে শুকরিয়া আদায় করছি। সংবর্ধনা অনুষ্ঠানে হাজারো নেতাকর্মী উপস্থিত ছিলেন।

মহাসড়ক পরিবার :

নেতার কারণে আজ আমরা স্বাধীন হয়েছি। আমি বলতে চাই, আমরা কারো প্রতি প্রতিশোধ নিতে চাই না। আমরা ন্যায়বিচার চাই। মজলুম মানুষের পাশে দাঁড়াতে চাই। দেশে যেন আর কেউ অন্যায়ভাবে বন্দী না থাকে সেজন্য আমরা কাজ করব। কেন্দ্রীয় কারাগারের ফটকে অপেক্ষায় ছিলেন নেতাকর্মীরা।

ঢোলাকে মাওলানা এ টি এম মা'ছুমের সভাপতিত্বে সংবর্ধনা অনুষ্ঠানে উপস্থিত ছিলেন কেন্দ্রীয় নেতৃবৃন্দ। জামায়াতে ইসলামীর আমির ডা. শফিকুর রহমান বলেন, ন্যায়বিচার প্রতিষ্ঠিত হয়েছে। এটিএম আজহারুল ইসলামকে দীর্ঘ কারাবাসের পর আদালত খালাস দিয়েছেন। তিনি বলেন, আমরা আল্লাহর কাছে শুকরিয়া আদায় করছি। সংবর্ধনা অনুষ্ঠানে হাজারো নেতাকর্মী উপস্থিত ছিলেন।

নেতার কারণে আজ আমরা স্বাধীন হয়েছি। আমি বলতে চাই, আমরা কারো প্রতি প্রতিশোধ নিতে চাই না। আমরা ন্যায়বিচার চাই। মজলুম মানুষের পাশে দাঁড়াতে চাই। দেশে যেন আর কেউ অন্যায়ভাবে বন্দী না থাকে সেজন্য আমরা কাজ করব। কেন্দ্রীয় কারাগারের ফটকে অপেক্ষায় ছিলেন নেতাকর্মীরা।

দ্রুত রায় প্রকাশের দাবি :

ঢোলাকে মাওলানা এ টি এম মা'ছুমের সভাপতিত্বে সংবর্ধনা অনুষ্ঠানে উপস্থিত ছিলেন কেন্দ্রীয় নেতৃবৃন্দ। জামায়াতে ইসলামীর আমির ডা. শফিকুর রহমান বলেন, ন্যায়বিচার প্রতিষ্ঠিত হয়েছে। এটিএম আজহারুল ইসলামকে দীর্ঘ কারাবাসের পর আদালত খালাস দিয়েছেন। তিনি বলেন, আমরা আল্লাহর কাছে শুকরিয়া আদায় করছি। সংবর্ধনা অনুষ্ঠানে হাজারো নেতাকর্মী উপস্থিত ছিলেন।

ঝুঁকির মধ্যেও জাতিসঙ্ঘে শান্তিরক্ষায়

১ম পৃষ্ঠার পর

নিহতের তালিকায় বাংলাদেশের নাম সবার উপরে। জাতিসঙ্ঘ শান্তিরক্ষা মিশনে বাংলাদেশের সেনা, নৌ ও বিমানবাহিনী এবং পুলিশ সদস্যরা অবদান রেখে চলেছেন। ১৯৮৮ সালে প্রথম বাংলাদেশ শান্তিরক্ষা মিশনে অংশগ্রহণ করে। এ পর্যন্ত বিশ্বের বিভিন্ন দেশে শান্তিরক্ষী পাঠিয়েছে বাংলাদেশ। দায়িত্ব পালনকালে অনেকে প্রাণ হারিয়েছেন, আহত হয়েছেন অনেকে।

শান্তিরক্ষা মিশন শুরু হয় ১৯৪৮ সালে। শান্তিরক্ষী দিবস উপলক্ষে আন্তঃবাহিনী জনসংযোগ পরিদপ্তর জানায়, বর্তমানে বিভিন্ন মিশনে বাংলাদেশের শান্তিরক্ষীরা নিয়োজিত রয়েছেন। নারী শান্তিরক্ষীরাও কাজ করছেন। প্রতিকূল পরিবেশে দায়িত্ব পালন করে তারা দেশের ভাবমূর্তি উজ্জ্বল করছেন।

নিহতের তালিকায় বাংলাদেশের নাম সবার উপরে। জাতিসঙ্ঘ শান্তিরক্ষা মিশনে বাংলাদেশের সেনা, নৌ ও বিমানবাহিনী এবং পুলিশ সদস্যরা অবদান রেখে চলেছেন। ১৯৮৮ সালে প্রথম বাংলাদেশ শান্তিরক্ষা মিশনে অংশগ্রহণ করে। এ পর্যন্ত বিশ্বের বিভিন্ন দেশে শান্তিরক্ষী পাঠিয়েছে বাংলাদেশ। দায়িত্ব পালনকালে অনেকে প্রাণ হারিয়েছেন, আহত হয়েছেন অনেকে।

শান্তিরক্ষা মিশন শুরু হয় ১৯৪৮ সালে। শান্তিরক্ষী দিবস উপলক্ষে আন্তঃবাহিনী জনসংযোগ পরিদপ্তর জানায়, বর্তমানে বিভিন্ন মিশনে বাংলাদেশের শান্তিরক্ষীরা নিয়োজিত রয়েছেন। নারী শান্তিরক্ষীরাও কাজ করছেন। প্রতিকূল পরিবেশে দায়িত্ব পালন করে তারা দেশের ভাবমূর্তি উজ্জ্বল করছেন।

নিহতের তালিকায় বাংলাদেশের নাম সবার উপরে। জাতিসঙ্ঘ শান্তিরক্ষা মিশনে বাংলাদেশের সেনা, নৌ ও বিমানবাহিনী এবং পুলিশ সদস্যরা অবদান রেখে চলেছেন। ১৯৮৮ সালে প্রথম বাংলাদেশ শান্তিরক্ষা মিশনে অংশগ্রহণ করে। এ পর্যন্ত বিশ্বের বিভিন্ন দেশে শান্তিরক্ষী পাঠিয়েছে বাংলাদেশ। দায়িত্ব পালনকালে অনেকে প্রাণ হারিয়েছেন, আহত হয়েছেন অনেকে।

শান্তিরক্ষা মিশন শুরু হয় ১৯৪৮ সালে। শান্তিরক্ষী দিবস উপলক্ষে আন্তঃবাহিনী জনসংযোগ পরিদপ্তর জানায়, বর্তমানে বিভিন্ন মিশনে বাংলাদেশের শান্তিরক্ষীরা নিয়োজিত রয়েছেন। নারী শান্তিরক্ষীরাও কাজ করছেন। প্রতিকূল পরিবেশে দায়িত্ব পালন করে তারা দেশের ভাবমূর্তি উজ্জ্বল করছেন।

নিহতের তালিকায় বাংলাদেশের নাম সবার উপরে। জাতিসঙ্ঘ শান্তিরক্ষা মিশনে বাংলাদেশের সেনা, নৌ ও বিমানবাহিনী এবং পুলিশ সদস্যরা অবদান রেখে চলেছেন। ১৯৮৮ সালে প্রথম বাংলাদেশ শান্তিরক্ষা মিশনে অংশগ্রহণ করে। এ পর্যন্ত বিশ্বের বিভিন্ন দেশে শান্তিরক্ষী পাঠিয়েছে বাংলাদেশ। দায়িত্ব পালনকালে অনেকে প্রাণ হারিয়েছেন, আহত হয়েছেন অনেকে।

শান্তিরক্ষা মিশন শুরু হয় ১৯৪৮ সালে। শান্তিরক্ষী দিবস উপলক্ষে আন্তঃবাহিনী জনসংযোগ পরিদপ্তর জানায়, বর্তমানে বিভিন্ন মিশনে বাংলাদেশের শান্তিরক্ষীরা নিয়োজিত রয়েছেন। নারী শান্তিরক্ষীরাও কাজ করছেন। প্রতিকূল পরিবেশে দায়িত্ব পালন করে তারা দেশের ভাবমূর্তি উজ্জ্বল করছেন।

শান্তিরক্ষায় বাংলাদেশ পুলিশ :

নিহতের তালিকায় বাংলাদেশের নাম সবার উপরে। জাতিসঙ্ঘ শান্তিরক্ষা মিশনে বাংলাদেশের সেনা, নৌ ও বিমানবাহিনী এবং পুলিশ সদস্যরা অবদান রেখে চলেছেন। ১৯৮৮ সালে প্রথম বাংলাদেশ শান্তিরক্ষা মিশনে অংশগ্রহণ করে। এ পর্যন্ত বিশ্বের বিভিন্ন দেশে শান্তিরক্ষী পাঠিয়েছে বাংলাদেশ। দায়িত্ব পালনকালে অনেকে প্রাণ হারিয়েছেন, আহত হয়েছেন অনেকে।

শান্তিরক্ষা মিশন শুরু হয় ১৯৪৮ সালে। শান্তিরক্ষী দিবস উপলক্ষে আন্তঃবাহিনী জনসংযোগ পরিদপ্তর জানায়, বর্তমানে বিভিন্ন মিশনে বাংলাদেশের শান্তিরক্ষীরা নিয়োজিত রয়েছেন। নারী শান্তিরক্ষীরাও কাজ করছেন। প্রতিকূল পরিবেশে দায়িত্ব পালন করে তারা দেশের ভাবমূর্তি উজ্জ্বল করছেন।

নিহতের তালিকায় বাংলাদেশের নাম সবার উপরে। জাতিসঙ্ঘ শান্তিরক্ষা মিশনে বাংলাদেশের সেনা, নৌ ও বিমানবাহিনী এবং পুলিশ সদস্যরা অবদান রেখে চলেছেন। ১৯৮৮ সালে প্রথম বাংলাদেশ শান্তিরক্ষা মিশনে অংশগ্রহণ করে। এ পর্যন্ত বিশ্বের বিভিন্ন দেশে শান্তিরক্ষী পাঠিয়েছে বাংলাদেশ। দায়িত্ব পালনকালে অনেকে প্রাণ হারিয়েছেন, আহত হয়েছেন অনেকে।

শান্তিরক্ষা মিশন শুরু হয় ১৯৪৮ সালে। শান্তিরক্ষী দিবস উপলক্ষে আন্তঃবাহিনী জনসংযোগ পরিদপ্তর জানায়, বর্তমানে বিভিন্ন মিশনে বাংলাদেশের শান্তিরক্ষীরা নিয়োজিত রয়েছেন। নারী শান্তিরক্ষীরাও কাজ করছেন। প্রতিকূল পরিবেশে দায়িত্ব পালন করে তারা দেশের ভাবমূর্তি উজ্জ্বল করছেন।

অর্থনীতিবিদ ও গবেষক ড. জিল্লাহুর রহমান

নিহতের তালিকায় বাংলাদেশের নাম সবার উপরে। জাতিসঙ্ঘ শান্তিরক্ষা মিশনে বাংলাদেশের সেনা, নৌ ও বিমানবাহিনী এবং পুলিশ সদস্যরা অবদান রেখে চলেছেন। ১৯৮৮ সালে প্রথম বাংলাদেশ শান্তিরক্ষা মিশনে অংশগ্রহণ করে। এ পর্যন্ত বিশ্বের বিভিন্ন দেশে শান্তিরক্ষী পাঠিয়েছে বাংলাদেশ। দায়িত্ব পালনকালে অনেকে প্রাণ হারিয়েছেন, আহত হয়েছেন অনেকে।

শান্তিরক্ষা মিশন শুরু হয় ১৯৪৮ সালে। শান্তিরক্ষী দিবস উপলক্ষে আন্তঃবাহিনী জনসংযোগ পরিদপ্তর জানায়, বর্তমানে বিভিন্ন মিশনে বাংলাদেশের শান্তিরক্ষীরা নিয়োজিত রয়েছেন। নারী শান্তিরক্ষীরাও কাজ করছেন। প্রতিকূল পরিবেশে দায়িত্ব পালন করে তারা দেশের ভাবমূর্তি উজ্জ্বল করছেন।

শান্তিরক্ষা মিশনের অভিজ্ঞতা কাজে লাগানোর আহ্বান :

নিহতের তালিকায় বাংলাদেশের নাম সবার উপরে। জাতিসঙ্ঘ শান্তিরক্ষা মিশনে বাংলাদেশের সেনা, নৌ ও বিমানবাহিনী এবং পুলিশ সদস্যরা অবদান রেখে চলেছেন। ১৯৮৮ সালে প্রথম বাংলাদেশ শান্তিরক্ষা মিশনে অংশগ্রহণ করে। এ পর্যন্ত বিশ্বের বিভিন্ন দেশে শান্তিরক্ষী পাঠিয়েছে বাংলাদেশ। দায়িত্ব পালনকালে অনেকে প্রাণ হারিয়েছেন, আহত হয়েছেন অনেকে।

শান্তিরক্ষা মিশন শুরু হয় ১৯৪৮ সালে। শান্তিরক্ষী দিবস উপলক্ষে আন্তঃবাহিনী জনসংযোগ পরিদপ্তর জানায়, বর্তমানে বিভিন্ন মিশনে বাংলাদেশের শান্তিরক্ষীরা নিয়োজিত রয়েছেন। নারী শান্তিরক্ষীরাও কাজ করছেন। প্রতিকূল পরিবেশে দায়িত্ব পালন করে তারা দেশের ভাবমূর্তি উজ্জ্বল করছেন।

নিহতের তালিকায় বাংলাদেশের নাম সবার উপরে। জাতিসঙ্ঘ শান্তিরক্ষা মিশনে বাংলাদেশের সেনা, নৌ ও বিমানবাহিনী এবং পুলিশ সদস্যরা অবদান রেখে চলেছেন। ১৯৮৮ সালে প্রথম বাংলাদেশ শান্তিরক্ষা মিশনে অংশগ্রহণ করে। এ পর্যন্ত বিশ্বের বিভিন্ন দেশে শান্তিরক্ষী পাঠিয়েছে বাংলাদেশ। দায়িত্ব পালনকালে অনেকে প্রাণ হারিয়েছেন, আহত হয়েছেন অনেকে।

শান্তিরক্ষা মিশন শুরু হয় ১৯৪৮ সালে। শান্তিরক্ষী দিবস উপলক্ষে আন্তঃবাহিনী জনসংযোগ পরিদপ্তর জানায়, বর্তমানে বিভিন্ন মিশনে বাংলাদেশের শান্তিরক্ষীরা নিয়োজিত রয়েছেন। নারী শান্তিরক্ষীরাও কাজ করছেন। প্রতিকূল পরিবেশে দায়িত্ব পালন করে তারা দেশের ভাবমূর্তি উজ্জ্বল করছেন।
